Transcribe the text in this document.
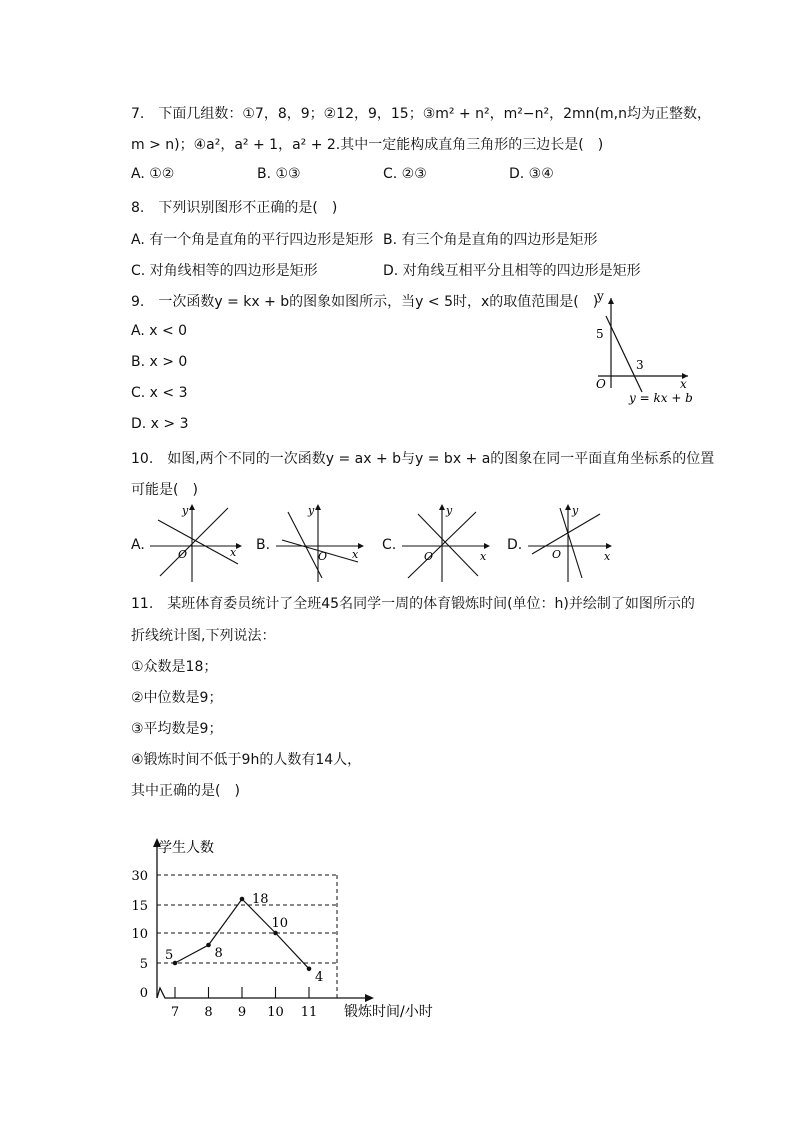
7.　下面几组数：①7，8，9；②12，9，15；③m² + n²，m²−n²，2mn(m,n均为正整数，
m > n)；④a²，a² + 1，a² + 2.其中一定能构成直角三角形的三边长是(　)
A. ①②	B. ①③	C. ②③	D. ③④
8.　下列识别图形不正确的是(　)
A. 有一个角是直角的平行四边形是矩形 B. 有三个角是直角的四边形是矩形
C. 对角线相等的四边形是矩形	D. 对角线互相平分且相等的四边形是矩形
9.　一次函数y = kx + b的图象如图所示，当y < 5时，x的取值范围是(　)
A. x < 0
B. x > 0
C. x < 3
D. x > 3
y
x
O
5
3
y = kx + b
10.　如图,两个不同的一次函数y = ax + b与y = bx + a的图象在同一平面直角坐标系的位置
可能是(　)
A.
y
x
O
B.
y
x
O
C.
y
x
O
D.
y
x
O
11.　某班体育委员统计了全班45名同学一周的体育锻炼时间(单位：h)并绘制了如图所示的
折线统计图,下列说法：
①众数是18；
②中位数是9；
③平均数是9；
④锻炼时间不低于9h的人数有14人，
其中正确的是(　)
学生人数
锻炼时间/小时
0
5
10
15
30
7 8 9 10 11
5	8
18
10
4
